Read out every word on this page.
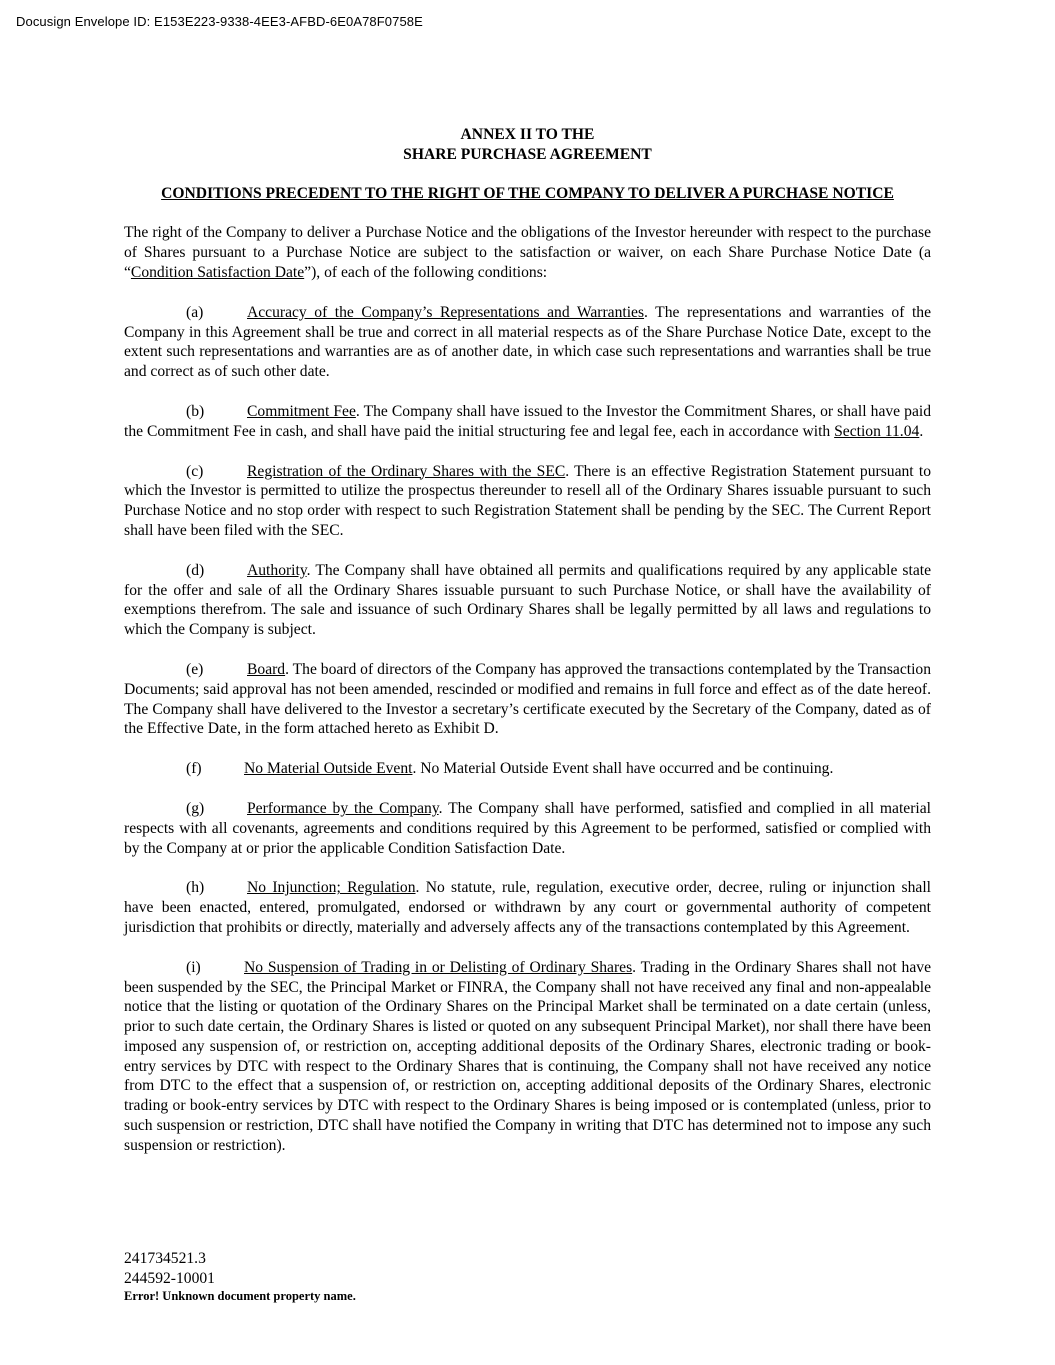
Docusign Envelope ID: E153E223-9338-4EE3-AFBD-6E0A78F0758E

ANNEX II TO THE

SHARE PURCHASE AGREEMENT

CONDITIONS PRECEDENT TO THE RIGHT OF THE COMPANY TO DELIVER A PURCHASE NOTICE

The right of the Company to deliver a Purchase Notice and the obligations of the Investor hereunder with respect to the purchase of Shares pursuant to a Purchase Notice are subject to the satisfaction or waiver, on each Share Purchase Notice Date (a “Condition Satisfaction Date”), of each of the following conditions:

(a)	Accuracy of the Company’s Representations and Warranties. The representations and warranties of the Company in this Agreement shall be true and correct in all material respects as of the Share Purchase Notice Date, except to the extent such representations and warranties are as of another date, in which case such representations and warranties shall be true and correct as of such other date.

(b)	Commitment Fee. The Company shall have issued to the Investor the Commitment Shares, or shall have paid the Commitment Fee in cash, and shall have paid the initial structuring fee and legal fee, each in accordance with Section 11.04.

(c)	Registration of the Ordinary Shares with the SEC. There is an effective Registration Statement pursuant to which the Investor is permitted to utilize the prospectus thereunder to resell all of the Ordinary Shares issuable pursuant to such Purchase Notice and no stop order with respect to such Registration Statement shall be pending by the SEC. The Current Report shall have been filed with the SEC.

(d)	Authority. The Company shall have obtained all permits and qualifications required by any applicable state for the offer and sale of all the Ordinary Shares issuable pursuant to such Purchase Notice, or shall have the availability of exemptions therefrom. The sale and issuance of such Ordinary Shares shall be legally permitted by all laws and regulations to which the Company is subject.

(e)	Board. The board of directors of the Company has approved the transactions contemplated by the Transaction Documents; said approval has not been amended, rescinded or modified and remains in full force and effect as of the date hereof. The Company shall have delivered to the Investor a secretary’s certificate executed by the Secretary of the Company, dated as of the Effective Date, in the form attached hereto as Exhibit D.

(f)	No Material Outside Event. No Material Outside Event shall have occurred and be continuing.

(g)	Performance by the Company. The Company shall have performed, satisfied and complied in all material respects with all covenants, agreements and conditions required by this Agreement to be performed, satisfied or complied with by the Company at or prior the applicable Condition Satisfaction Date.

(h)	No Injunction; Regulation. No statute, rule, regulation, executive order, decree, ruling or injunction shall have been enacted, entered, promulgated, endorsed or withdrawn by any court or governmental authority of competent jurisdiction that prohibits or directly, materially and adversely affects any of the transactions contemplated by this Agreement.

(i)	No Suspension of Trading in or Delisting of Ordinary Shares. Trading in the Ordinary Shares shall not have been suspended by the SEC, the Principal Market or FINRA, the Company shall not have received any final and non-appealable notice that the listing or quotation of the Ordinary Shares on the Principal Market shall be terminated on a date certain (unless, prior to such date certain, the Ordinary Shares is listed or quoted on any subsequent Principal Market), nor shall there have been imposed any suspension of, or restriction on, accepting additional deposits of the Ordinary Shares, electronic trading or book-entry services by DTC with respect to the Ordinary Shares that is continuing, the Company shall not have received any notice from DTC to the effect that a suspension of, or restriction on, accepting additional deposits of the Ordinary Shares, electronic trading or book-entry services by DTC with respect to the Ordinary Shares is being imposed or is contemplated (unless, prior to such suspension or restriction, DTC shall have notified the Company in writing that DTC has determined not to impose any such suspension or restriction).

241734521.3
244592-10001
Error! Unknown document property name.
